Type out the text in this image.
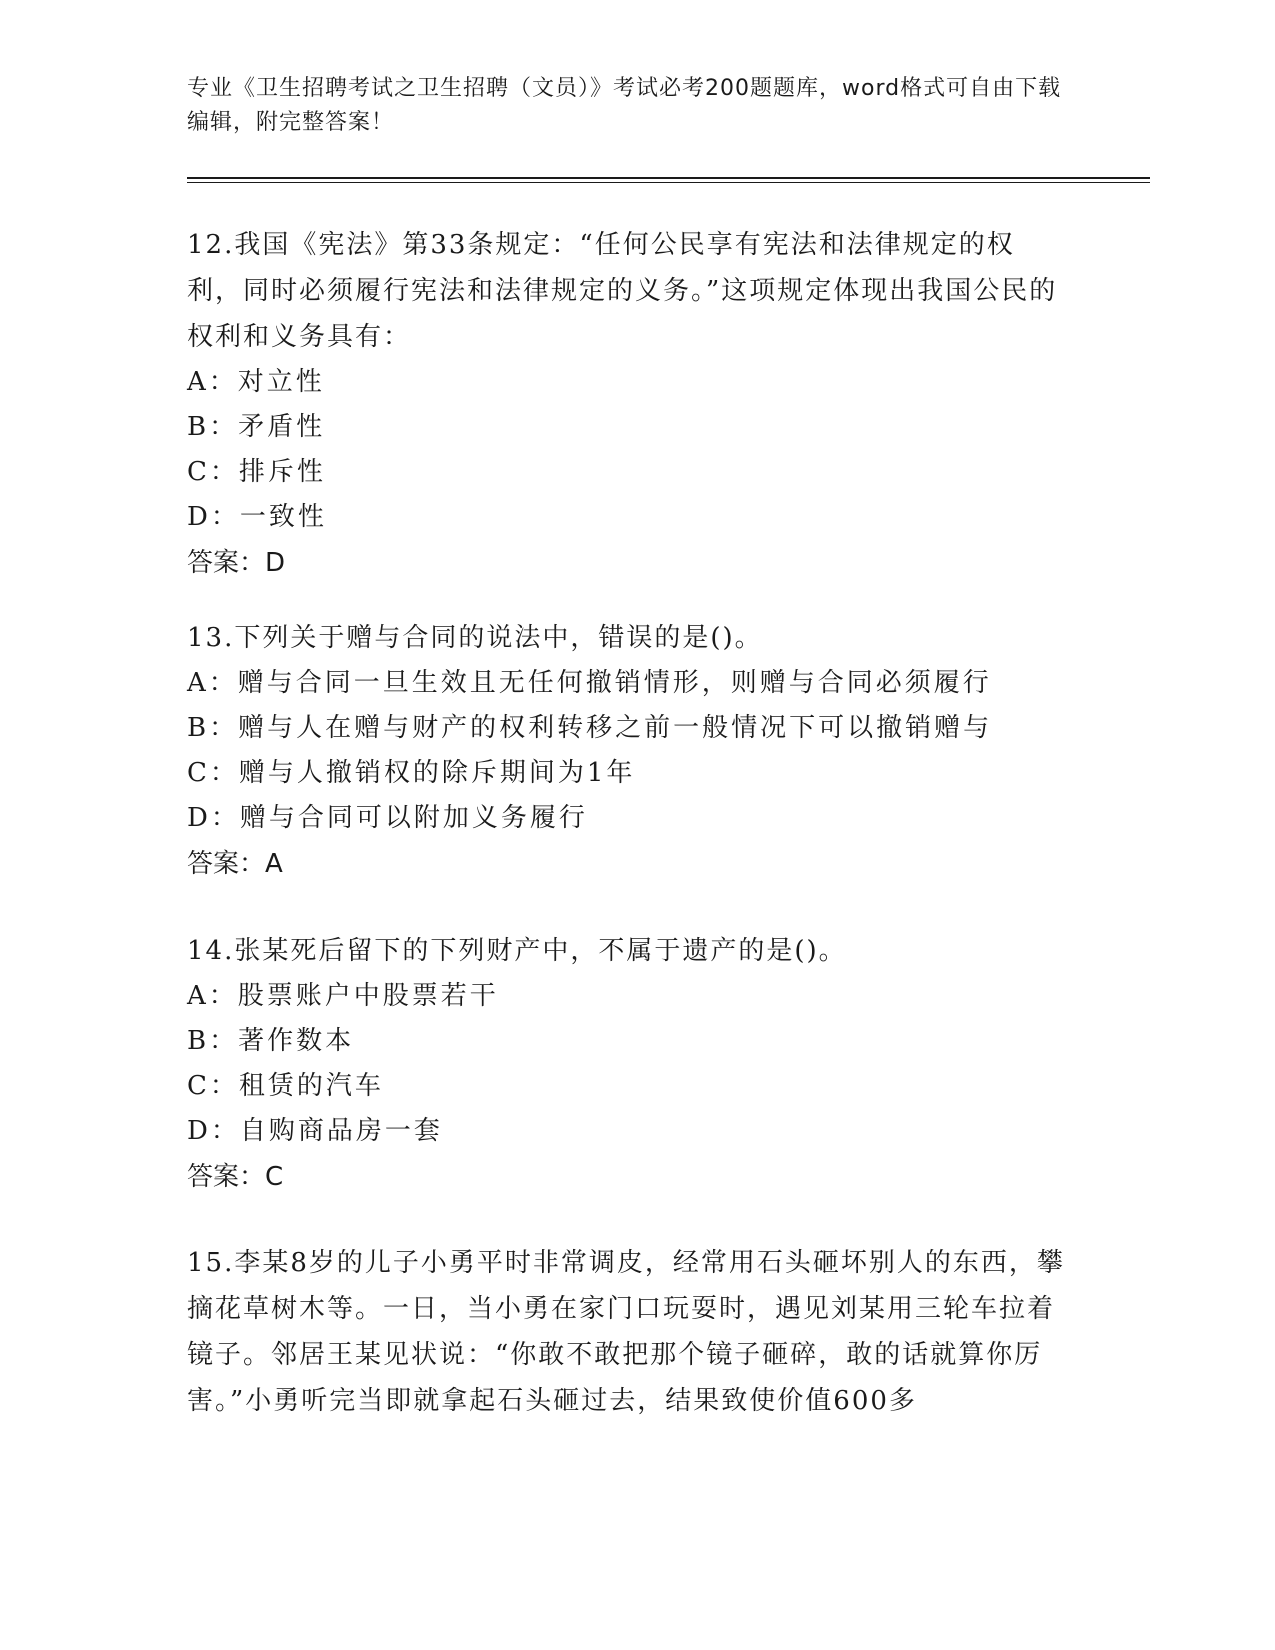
专业《卫生招聘考试之卫生招聘（文员）》考试必考200题题库，word格式可自由下载编辑，附完整答案！
12.我国《宪法》第33条规定：“任何公民享有宪法和法律规定的权利，同时必须履行宪法和法律规定的义务。”这项规定体现出我国公民的权利和义务具有：
A：对立性
B：矛盾性
C：排斥性
D：一致性
答案：D
13.下列关于赠与合同的说法中，错误的是()。
A：赠与合同一旦生效且无任何撤销情形，则赠与合同必须履行
B：赠与人在赠与财产的权利转移之前一般情况下可以撤销赠与
C：赠与人撤销权的除斥期间为1年
D：赠与合同可以附加义务履行
答案：A
14.张某死后留下的下列财产中，不属于遗产的是()。
A：股票账户中股票若干
B：著作数本
C：租赁的汽车
D：自购商品房一套
答案：C
15.李某8岁的儿子小勇平时非常调皮，经常用石头砸坏别人的东西，攀摘花草树木等。一日，当小勇在家门口玩耍时，遇见刘某用三轮车拉着镜子。邻居王某见状说：“你敢不敢把那个镜子砸碎，敢的话就算你厉害。”小勇听完当即就拿起石头砸过去，结果致使价值600多
